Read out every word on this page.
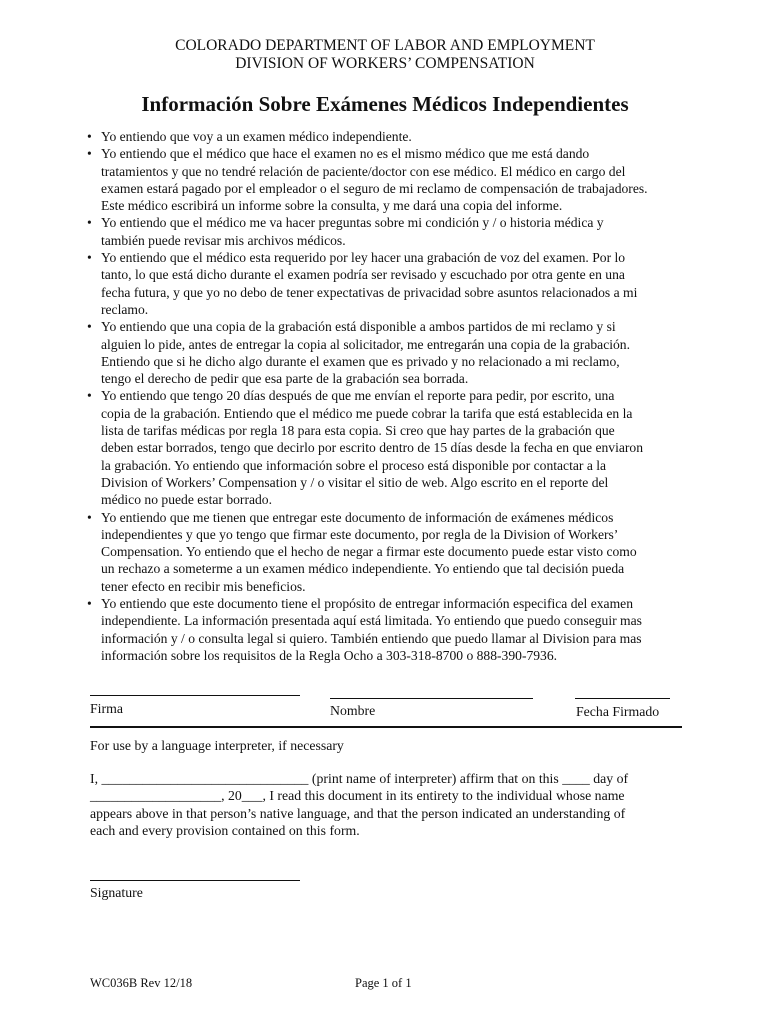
COLORADO DEPARTMENT OF LABOR AND EMPLOYMENT
DIVISION OF WORKERS’ COMPENSATION
Información Sobre Exámenes Médicos Independientes
• Yo entiendo que voy a un examen médico independiente.
• Yo entiendo que el médico que hace el examen no es el mismo médico que me está dando
tratamientos y que no tendré relación de paciente/doctor con ese médico. El médico en cargo del
examen estará pagado por el empleador o el seguro de mi reclamo de compensación de trabajadores.
Este médico escribirá un informe sobre la consulta, y me dará una copia del informe.
• Yo entiendo que el médico me va hacer preguntas sobre mi condición y / o historia médica y
también puede revisar mis archivos médicos.
• Yo entiendo que el médico esta requerido por ley hacer una grabación de voz del examen. Por lo
tanto, lo que está dicho durante el examen podría ser revisado y escuchado por otra gente en una
fecha futura, y que yo no debo de tener expectativas de privacidad sobre asuntos relacionados a mi
reclamo.
• Yo entiendo que una copia de la grabación está disponible a ambos partidos de mi reclamo y si
alguien lo pide, antes de entregar la copia al solicitador, me entregarán una copia de la grabación.
Entiendo que si he dicho algo durante el examen que es privado y no relacionado a mi reclamo,
tengo el derecho de pedir que esa parte de la grabación sea borrada.
• Yo entiendo que tengo 20 días después de que me envían el reporte para pedir, por escrito, una
copia de la grabación. Entiendo que el médico me puede cobrar la tarifa que está establecida en la
lista de tarifas médicas por regla 18 para esta copia. Si creo que hay partes de la grabación que
deben estar borrados, tengo que decirlo por escrito dentro de 15 días desde la fecha en que enviaron
la grabación. Yo entiendo que información sobre el proceso está disponible por contactar a la
Division of Workers’ Compensation y / o visitar el sitio de web. Algo escrito en el reporte del
médico no puede estar borrado.
• Yo entiendo que me tienen que entregar este documento de información de exámenes médicos
independientes y que yo tengo que firmar este documento, por regla de la Division of Workers’
Compensation. Yo entiendo que el hecho de negar a firmar este documento puede estar visto como
un rechazo a someterme a un examen médico independiente. Yo entiendo que tal decisión pueda
tener efecto en recibir mis beneficios.
• Yo entiendo que este documento tiene el propósito de entregar información especifica del examen
independiente. La información presentada aquí está limitada. Yo entiendo que puedo conseguir mas
información y / o consulta legal si quiero. También entiendo que puedo llamar al Division para mas
información sobre los requisitos de la Regla Ocho a 303-318-8700 o 888-390-7936.
Firma	Nombre	Fecha Firmado
For use by a language interpreter, if necessary
I, ______________________________ (print name of interpreter) affirm that on this ____ day of
___________________, 20___, I read this document in its entirety to the individual whose name
appears above in that person’s native language, and that the person indicated an understanding of
each and every provision contained on this form.
Signature
WC036B Rev 12/18	Page 1 of 1
